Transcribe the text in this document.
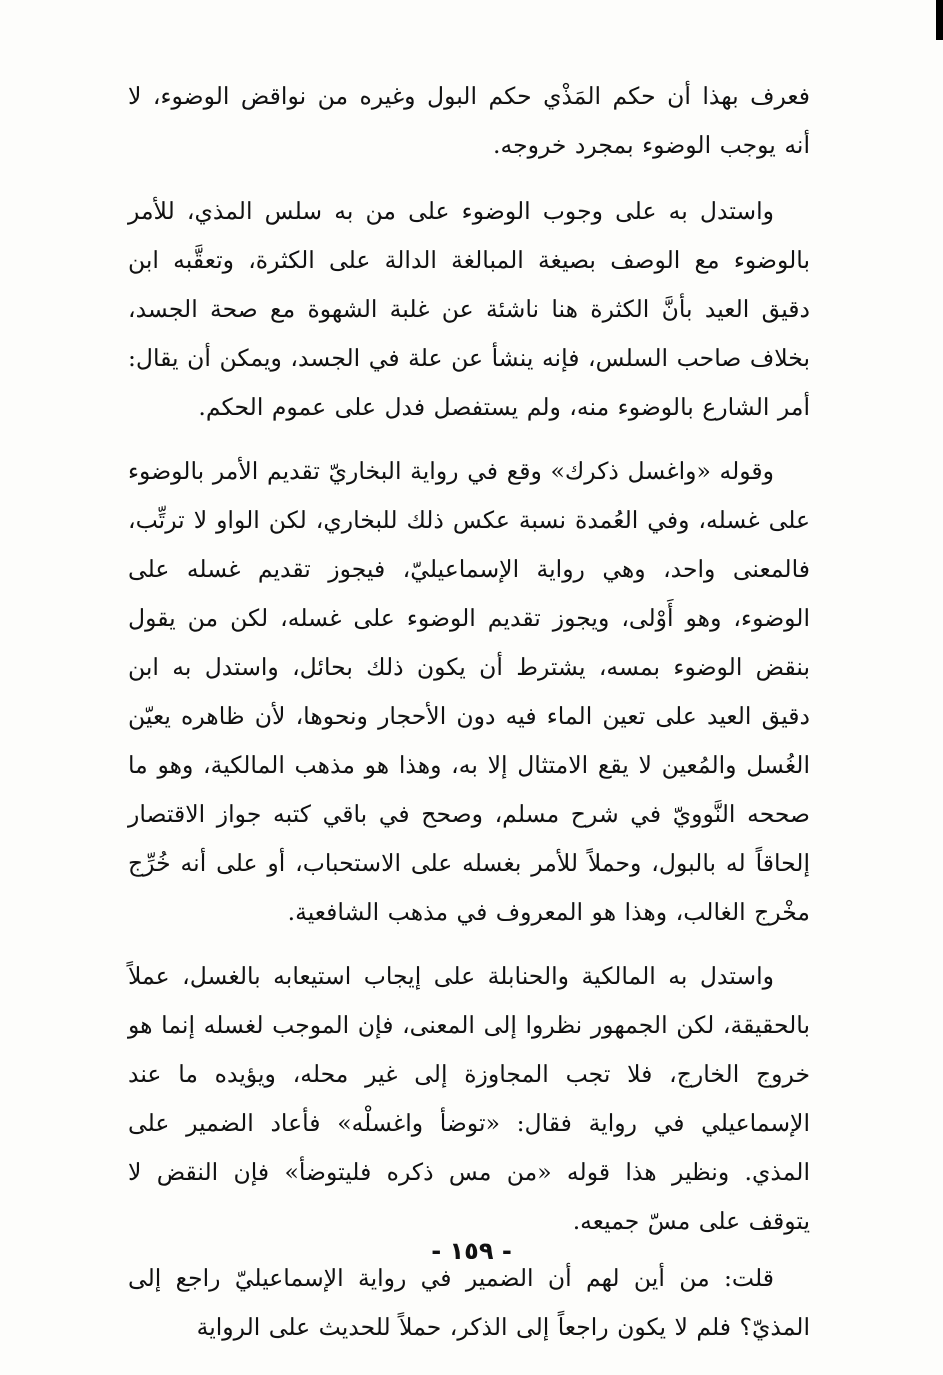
فعرف بهذا أن حكم المَذْي حكم البول وغيره من نواقض الوضوء، لا أنه يوجب الوضوء بمجرد خروجه.

واستدل به على وجوب الوضوء على من به سلس المذي، للأمر بالوضوء مع الوصف بصيغة المبالغة الدالة على الكثرة، وتعقَّبه ابن دقيق العيد بأنَّ الكثرة هنا ناشئة عن غلبة الشهوة مع صحة الجسد، بخلاف صاحب السلس، فإنه ينشأ عن علة في الجسد، ويمكن أن يقال: أمر الشارع بالوضوء منه، ولم يستفصل فدل على عموم الحكم.

وقوله «واغسل ذكرك» وقع في رواية البخاريّ تقديم الأمر بالوضوء على غسله، وفي العُمدة نسبة عكس ذلك للبخاري، لكن الواو لا ترتِّب، فالمعنى واحد، وهي رواية الإسماعيليّ، فيجوز تقديم غسله على الوضوء، وهو أَوْلى، ويجوز تقديم الوضوء على غسله، لكن من يقول بنقض الوضوء بمسه، يشترط أن يكون ذلك بحائل، واستدل به ابن دقيق العيد على تعين الماء فيه دون الأحجار ونحوها، لأن ظاهره يعيّن الغُسل والمُعين لا يقع الامتثال إلا به، وهذا هو مذهب المالكية، وهو ما صححه النَّوويّ في شرح مسلم، وصحح في باقي كتبه جواز الاقتصار إلحاقاً له بالبول، وحملاً للأمر بغسله على الاستحباب، أو على أنه خُرِّج مخْرج الغالب، وهذا هو المعروف في مذهب الشافعية.

واستدل به المالكية والحنابلة على إيجاب استيعابه بالغسل، عملاً بالحقيقة، لكن الجمهور نظروا إلى المعنى، فإن الموجب لغسله إنما هو خروج الخارج، فلا تجب المجاوزة إلى غير محله، ويؤيده ما عند الإسماعيلي في رواية فقال: «توضأ واغسلْه» فأعاد الضمير على المذي. ونظير هذا قوله «من مس ذكره فليتوضأ» فإن النقض لا يتوقف على مسّ جميعه.

قلت: من أين لهم أن الضمير في رواية الإسماعيليّ راجع إلى المذيّ؟ فلم لا يكون راجعاً إلى الذكر، حملاً للحديث على الرواية

- ١٥٩ -
